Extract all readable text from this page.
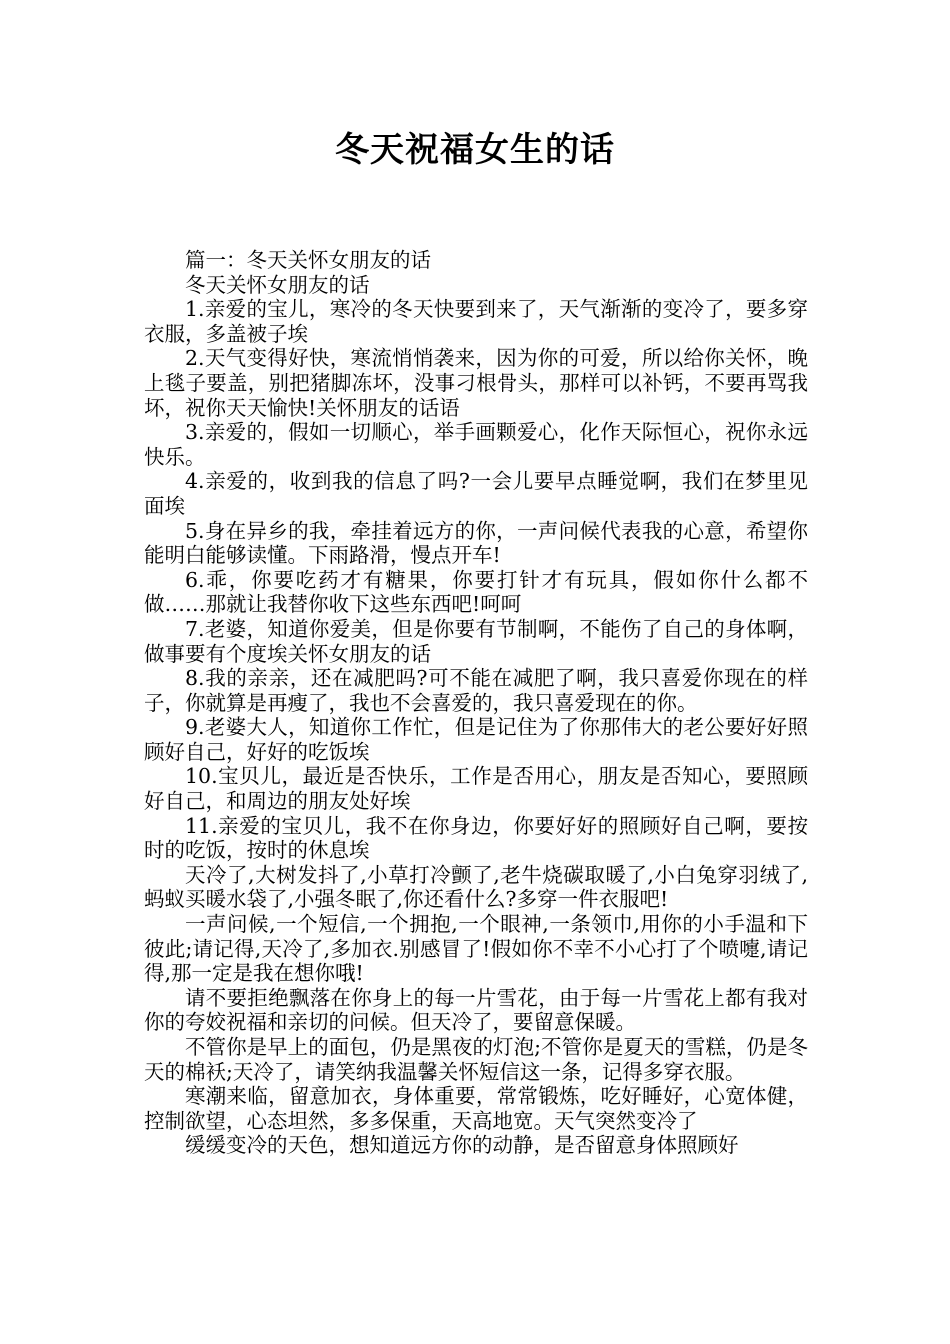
冬天祝福女生的话

篇一：冬天关怀女朋友的话

冬天关怀女朋友的话

1.亲爱的宝儿，寒冷的冬天快要到来了，天气渐渐的变冷了，要多穿衣服，多盖被子埃

2.天气变得好快，寒流悄悄袭来，因为你的可爱，所以给你关怀，晚上毯子要盖，别把猪脚冻坏，没事刁根骨头，那样可以补钙，不要再骂我坏，祝你天天愉快!关怀朋友的话语

3.亲爱的，假如一切顺心，举手画颗爱心，化作天际恒心，祝你永远快乐。

4.亲爱的，收到我的信息了吗?一会儿要早点睡觉啊，我们在梦里见面埃

5.身在异乡的我，牵挂着远方的你，一声问候代表我的心意，希望你能明白能够读懂。下雨路滑，慢点开车!

6.乖，你要吃药才有糖果，你要打针才有玩具，假如你什么都不做……那就让我替你收下这些东西吧!呵呵

7.老婆，知道你爱美，但是你要有节制啊，不能伤了自己的身体啊，做事要有个度埃关怀女朋友的话

8.我的亲亲，还在减肥吗?可不能在减肥了啊，我只喜爱你现在的样子，你就算是再瘦了，我也不会喜爱的，我只喜爱现在的你。

9.老婆大人，知道你工作忙，但是记住为了你那伟大的老公要好好照顾好自己，好好的吃饭埃

10.宝贝儿，最近是否快乐，工作是否用心，朋友是否知心，要照顾好自己，和周边的朋友处好埃

11.亲爱的宝贝儿，我不在你身边，你要好好的照顾好自己啊，要按时的吃饭，按时的休息埃

天冷了,大树发抖了,小草打冷颤了,老牛烧碳取暖了,小白兔穿羽绒了,蚂蚁买暖水袋了,小强冬眠了,你还看什么?多穿一件衣服吧!

一声问候,一个短信,一个拥抱,一个眼神,一条领巾,用你的小手温和下彼此;请记得,天冷了,多加衣.别感冒了!假如你不幸不小心打了个喷嚏,请记得,那一定是我在想你哦!

请不要拒绝飘落在你身上的每一片雪花，由于每一片雪花上都有我对你的夸姣祝福和亲切的问候。但天冷了，要留意保暖。

不管你是早上的面包，仍是黑夜的灯泡;不管你是夏天的雪糕，仍是冬天的棉袄;天冷了，请笑纳我温馨关怀短信这一条，记得多穿衣服。

寒潮来临，留意加衣，身体重要，常常锻炼，吃好睡好，心宽体健，控制欲望，心态坦然，多多保重，天高地宽。天气突然变冷了

缓缓变冷的天色，想知道远方你的动静，是否留意身体照顾好
